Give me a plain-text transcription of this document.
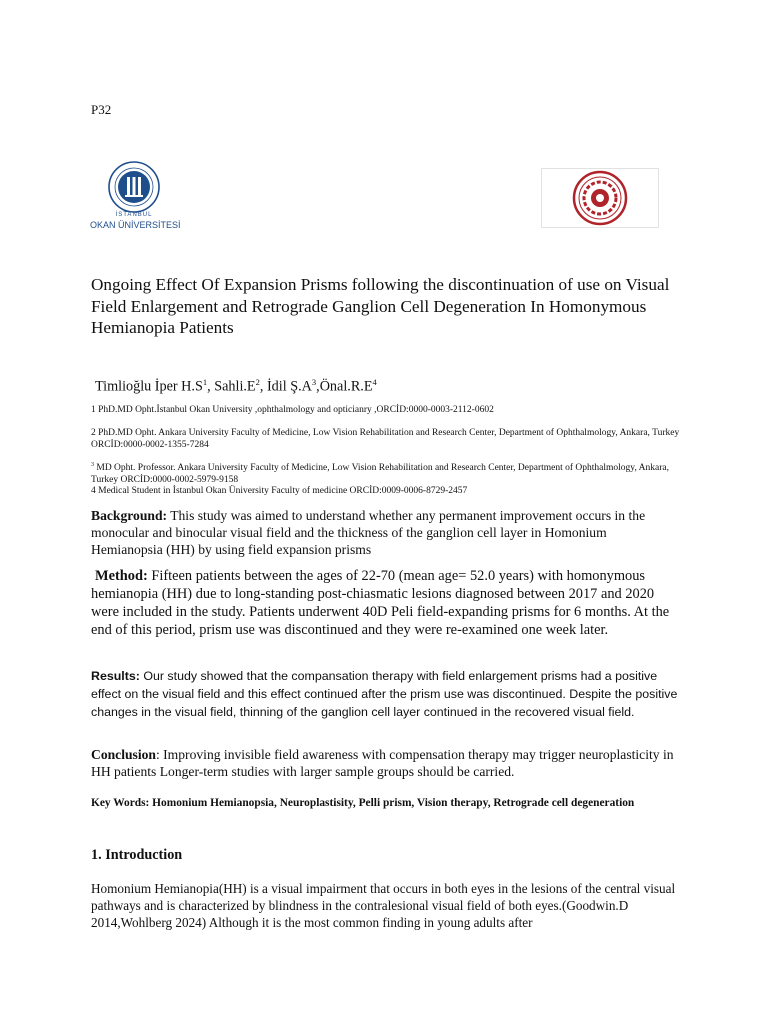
P32
İSTANBUL
OKAN ÜNİVERSİTESİ
Ongoing Effect Of Expansion Prisms following the discontinuation of use on Visual Field Enlargement and Retrograde Ganglion Cell Degeneration In Homonymous Hemianopia Patients
Timlioğlu İper $H.S^1$, $Sahli.E^2$, İdil $Ş.A^3,Önal.R.E^4$
1 PhD.MD Opht.İstanbul Okan University ,ophthalmology and opticianry ,ORCİD:0000-0003-2112-0602
2 PhD.MD Opht. Ankara University Faculty of Medicine, Low Vision Rehabilitation and Research Center, Department of Ophthalmology, Ankara, Turkey ORCİD:0000-0002-1355-7284
$^3$ MD Opht. Professor. Ankara University Faculty of Medicine, Low Vision Rehabilitation and Research Center, Department of Ophthalmology, Ankara, Turkey ORCİD:0000-0002-5979-9158
4 Medical Student in İstanbul Okan Üniversity Faculty of medicine ORCİD:0009-0006-8729-2457
Background: This study was aimed to understand whether any permanent improvement occurs in the monocular and binocular visual field and the thickness of the ganglion cell layer in Homonium Hemianopsia (HH) by using field expansion prisms
Method: Fifteen patients between the ages of 22-70 (mean age= 52.0 years) with homonymous hemianopia (HH) due to long-standing post-chiasmatic lesions diagnosed between 2017 and 2020 were included in the study. Patients underwent 40D Peli field-expanding prisms for 6 months. At the end of this period, prism use was discontinued and they were re-examined one week later.
Results: Our study showed that the compansation therapy with field enlargement prisms had a positive effect on the visual field and this effect continued after the prism use was discontinued. Despite the positive changes in the visual field, thinning of the ganglion cell layer continued in the recovered visual field.
Conclusion: Improving invisible field awareness with compensation therapy may trigger neuroplasticity in HH patients Longer-term studies with larger sample groups should be carried.
Key Words: Homonium Hemianopsia, Neuroplastisity, Pelli prism, Vision therapy, Retrograde cell degeneration
1. Introduction
Homonium Hemianopia(HH) is a visual impairment that occurs in both eyes in the lesions of the central visual pathways and is characterized by blindness in the contralesional visual field of both eyes.(Goodwin.D 2014,Wohlberg 2024) Although it is the most common finding in young adults after
